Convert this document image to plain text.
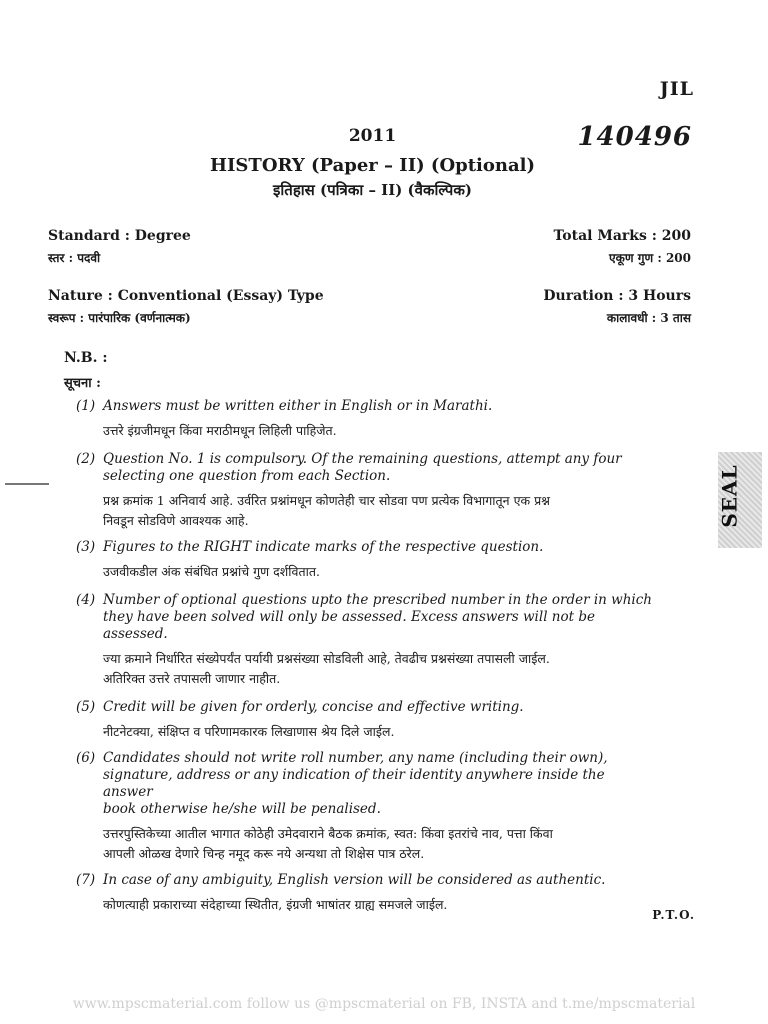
JIL
140496
2011
HISTORY (Paper – II) (Optional)
इतिहास (पत्रिका – II) (वैकल्पिक)
Standard : Degree
स्तर : पदवी
Total Marks : 200
एकूण गुण : 200
Nature : Conventional (Essay) Type
स्वरूप : पारंपारिक (वर्णनात्मक)
Duration : 3 Hours
कालावधी : 3 तास
N.B. :
सूचना :
(1) Answers must be written either in English or in Marathi.
उत्तरे इंग्रजीमधून किंवा मराठीमधून लिहिली पाहिजेत.
(2) Question No. 1 is compulsory. Of the remaining questions, attempt any four
selecting one question from each Section.
प्रश्न क्रमांक 1 अनिवार्य आहे. उर्वरित प्रश्नांमधून कोणतेही चार सोडवा पण प्रत्येक विभागातून एक प्रश्न
निवडून सोडविणे आवश्यक आहे.
(3) Figures to the RIGHT indicate marks of the respective question.
उजवीकडील अंक संबंधित प्रश्नांचे गुण दर्शवितात.
(4) Number of optional questions upto the prescribed number in the order in which
they have been solved will only be assessed. Excess answers will not be assessed.
ज्या क्रमाने निर्धारित संख्येपर्यंत पर्यायी प्रश्नसंख्या सोडविली आहे, तेवढीच प्रश्नसंख्या तपासली जाईल.
अतिरिक्त उत्तरे तपासली जाणार नाहीत.
(5) Credit will be given for orderly, concise and effective writing.
नीटनेटक्या, संक्षिप्त व परिणामकारक लिखाणास श्रेय दिले जाईल.
(6) Candidates should not write roll number, any name (including their own),
signature, address or any indication of their identity anywhere inside the answer
book otherwise he/she will be penalised.
उत्तरपुस्तिकेच्या आतील भागात कोठेही उमेदवाराने बैठक क्रमांक, स्वत: किंवा इतरांचे नाव, पत्ता किंवा
आपली ओळख देणारे चिन्ह नमूद करू नये अन्यथा तो शिक्षेस पात्र ठरेल.
(7) In case of any ambiguity, English version will be considered as authentic.
कोणत्याही प्रकाराच्या संदेहाच्या स्थितीत, इंग्रजी भाषांतर ग्राह्य समजले जाईल.
P.T.O.
SEAL
www.mpscmaterial.com follow us @mpscmaterial on FB, INSTA and t.me/mpscmaterial
